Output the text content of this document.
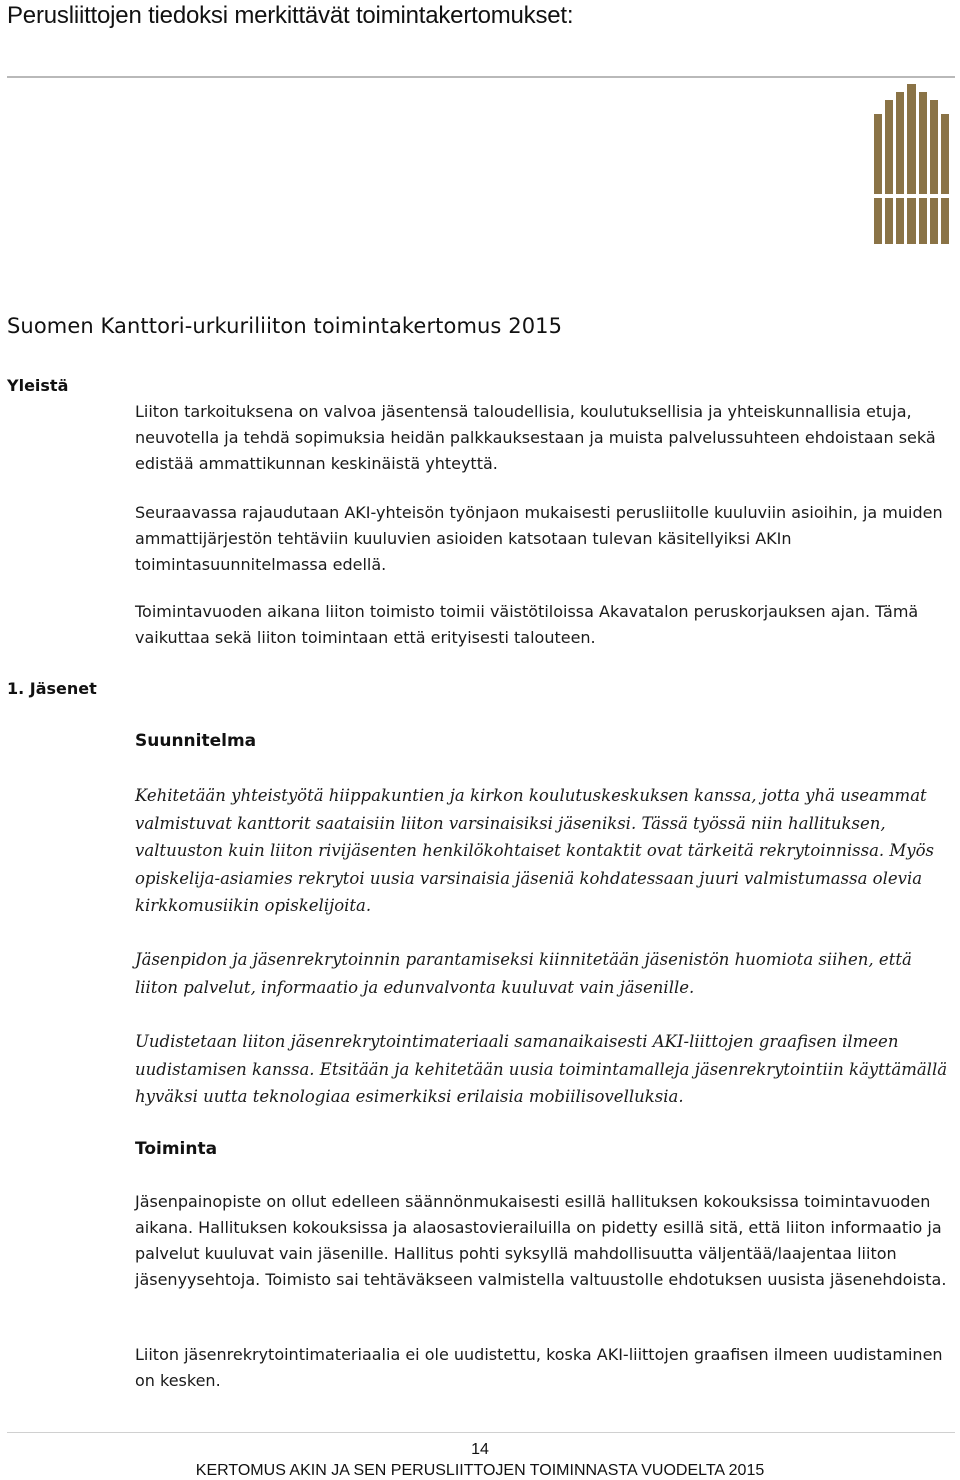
Perusliittojen tiedoksi merkittävät toimintakertomukset:
Suomen Kanttori-urkuriliiton toimintakertomus 2015
Yleistä

Liiton tarkoituksena on valvoa jäsentensä taloudellisia, koulutuksellisia ja yhteiskunnallisia etuja, neuvotella ja tehdä sopimuksia heidän palkkauksestaan ja muista palvelussuhteen ehdoistaan sekä edistää ammattikunnan keskinäistä yhteyttä.

Seuraavassa rajaudutaan AKI-yhteisön työnjaon mukaisesti perusliitolle kuuluviin asioihin, ja muiden ammattijärjestön tehtäviin kuuluvien asioiden katsotaan tulevan käsitellyiksi AKIn toimintasuunnitelmassa edellä.

Toimintavuoden aikana liiton toimisto toimii väistötiloissa Akavatalon peruskorjauksen ajan. Tämä vaikuttaa sekä liiton toimintaan että erityisesti talouteen.

1. Jäsenet
Suunnitelma

Kehitetään yhteistyötä hiippakuntien ja kirkon koulutuskeskuksen kanssa, jotta yhä useammat valmistuvat kanttorit saataisiin liiton varsinaisiksi jäseniksi. Tässä työssä niin hallituksen, valtuuston kuin liiton rivijäsenten henkilökohtaiset kontaktit ovat tärkeitä rekrytoinnissa. Myös opiskelija-asiamies rekrytoi uusia varsinaisia jäseniä kohdatessaan juuri valmistumassa olevia kirkkomusiikin opiskelijoita.

Jäsenpidon ja jäsenrekrytoinnin parantamiseksi kiinnitetään jäsenistön huomiota siihen, että liiton palvelut, informaatio ja edunvalvonta kuuluvat vain jäsenille.

Uudistetaan liiton jäsenrekrytointimateriaali samanaikaisesti AKI-liittojen graafisen ilmeen uudistamisen kanssa. Etsitään ja kehitetään uusia toimintamalleja jäsenrekrytointiin käyttämällä hyväksi uutta teknologiaa esimerkiksi erilaisia mobiilisovelluksia.

Toiminta

Jäsenpainopiste on ollut edelleen säännönmukaisesti esillä hallituksen kokouksissa toimintavuoden aikana. Hallituksen kokouksissa ja alaosastovierailuilla on pidetty esillä sitä, että liiton informaatio ja palvelut kuuluvat vain jäsenille. Hallitus pohti syksyllä mahdollisuutta väljentää/laajentaa liiton jäsenyysehtoja. Toimisto sai tehtäväkseen valmistella valtuustolle ehdotuksen uusista jäsenehdoista.

Liiton jäsenrekrytointimateriaalia ei ole uudistettu, koska AKI-liittojen graafisen ilmeen uudistaminen on kesken.

14
KERTOMUS AKIN JA SEN PERUSLIITTOJEN TOIMINNASTA VUODELTA 2015
